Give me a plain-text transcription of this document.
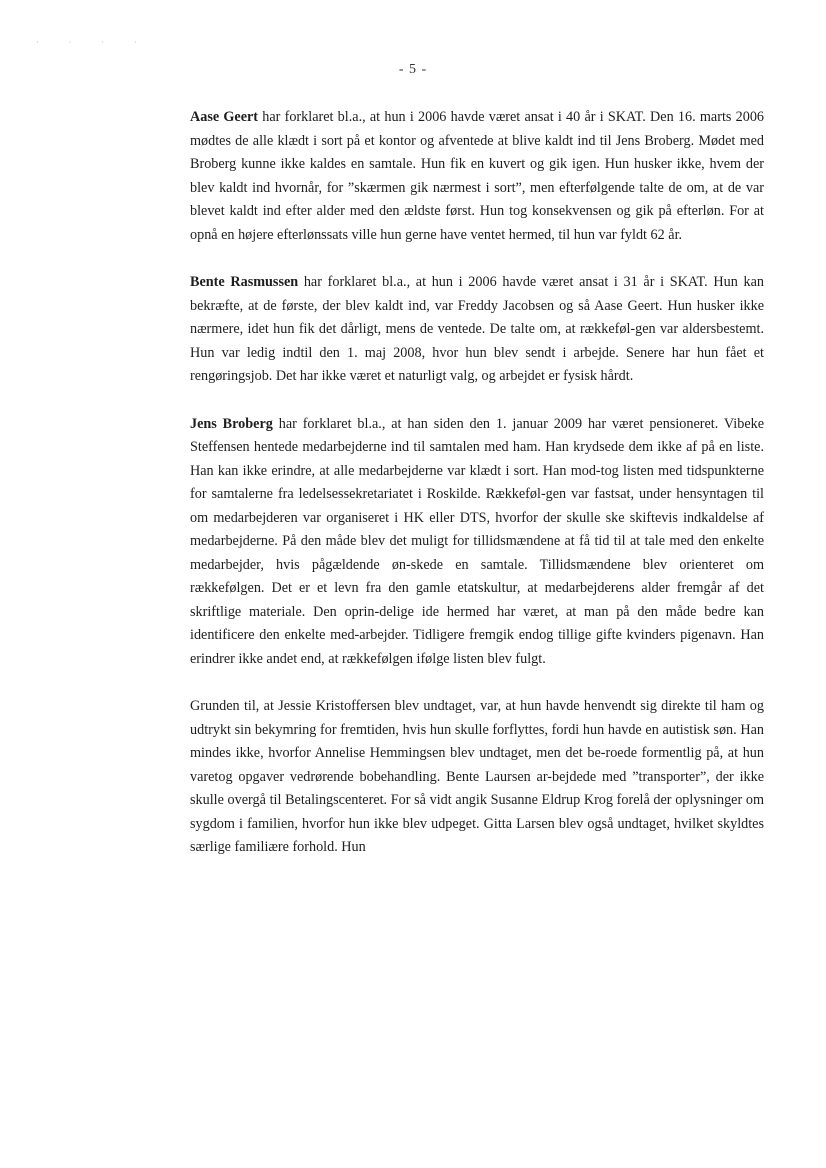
· · · ·
- 5 -

Aase Geert har forklaret bl.a., at hun i 2006 havde været ansat i 40 år i SKAT. Den 16. marts 2006 mødtes de alle klædt i sort på et kontor og afventede at blive kaldt ind til Jens Broberg. Mødet med Broberg kunne ikke kaldes en samtale. Hun fik en kuvert og gik igen. Hun husker ikke, hvem der blev kaldt ind hvornår, for ”skærmen gik nærmest i sort”, men efterfølgende talte de om, at de var blevet kaldt ind efter alder med den ældste først. Hun tog konsekvensen og gik på efterløn. For at opnå en højere efterlønssats ville hun gerne have ventet hermed, til hun var fyldt 62 år.

Bente Rasmussen har forklaret bl.a., at hun i 2006 havde været ansat i 31 år i SKAT. Hun kan bekræfte, at de første, der blev kaldt ind, var Freddy Jacobsen og så Aase Geert. Hun husker ikke nærmere, idet hun fik det dårligt, mens de ventede. De talte om, at rækkeføl-gen var aldersbestemt. Hun var ledig indtil den 1. maj 2008, hvor hun blev sendt i arbejde. Senere har hun fået et rengøringsjob. Det har ikke været et naturligt valg, og arbejdet er fysisk hårdt.

Jens Broberg har forklaret bl.a., at han siden den 1. januar 2009 har været pensioneret. Vibeke Steffensen hentede medarbejderne ind til samtalen med ham. Han krydsede dem ikke af på en liste. Han kan ikke erindre, at alle medarbejderne var klædt i sort. Han mod-tog listen med tidspunkterne for samtalerne fra ledelsessekretariatet i Roskilde. Rækkeføl-gen var fastsat, under hensyntagen til om medarbejderen var organiseret i HK eller DTS, hvorfor der skulle ske skiftevis indkaldelse af medarbejderne. På den måde blev det muligt for tillidsmændene at få tid til at tale med den enkelte medarbejder, hvis pågældende øn-skede en samtale. Tillidsmændene blev orienteret om rækkefølgen. Det er et levn fra den gamle etatskultur, at medarbejderens alder fremgår af det skriftlige materiale. Den oprin-delige ide hermed har været, at man på den måde bedre kan identificere den enkelte med-arbejder. Tidligere fremgik endog tillige gifte kvinders pigenavn. Han erindrer ikke andet end, at rækkefølgen ifølge listen blev fulgt.

Grunden til, at Jessie Kristoffersen blev undtaget, var, at hun havde henvendt sig direkte til ham og udtrykt sin bekymring for fremtiden, hvis hun skulle forflyttes, fordi hun havde en autistisk søn. Han mindes ikke, hvorfor Annelise Hemmingsen blev undtaget, men det be-roede formentlig på, at hun varetog opgaver vedrørende bobehandling. Bente Laursen ar-bejdede med ”transporter”, der ikke skulle overgå til Betalingscenteret. For så vidt angik Susanne Eldrup Krog forelå der oplysninger om sygdom i familien, hvorfor hun ikke blev udpeget. Gitta Larsen blev også undtaget, hvilket skyldtes særlige familiære forhold. Hun
